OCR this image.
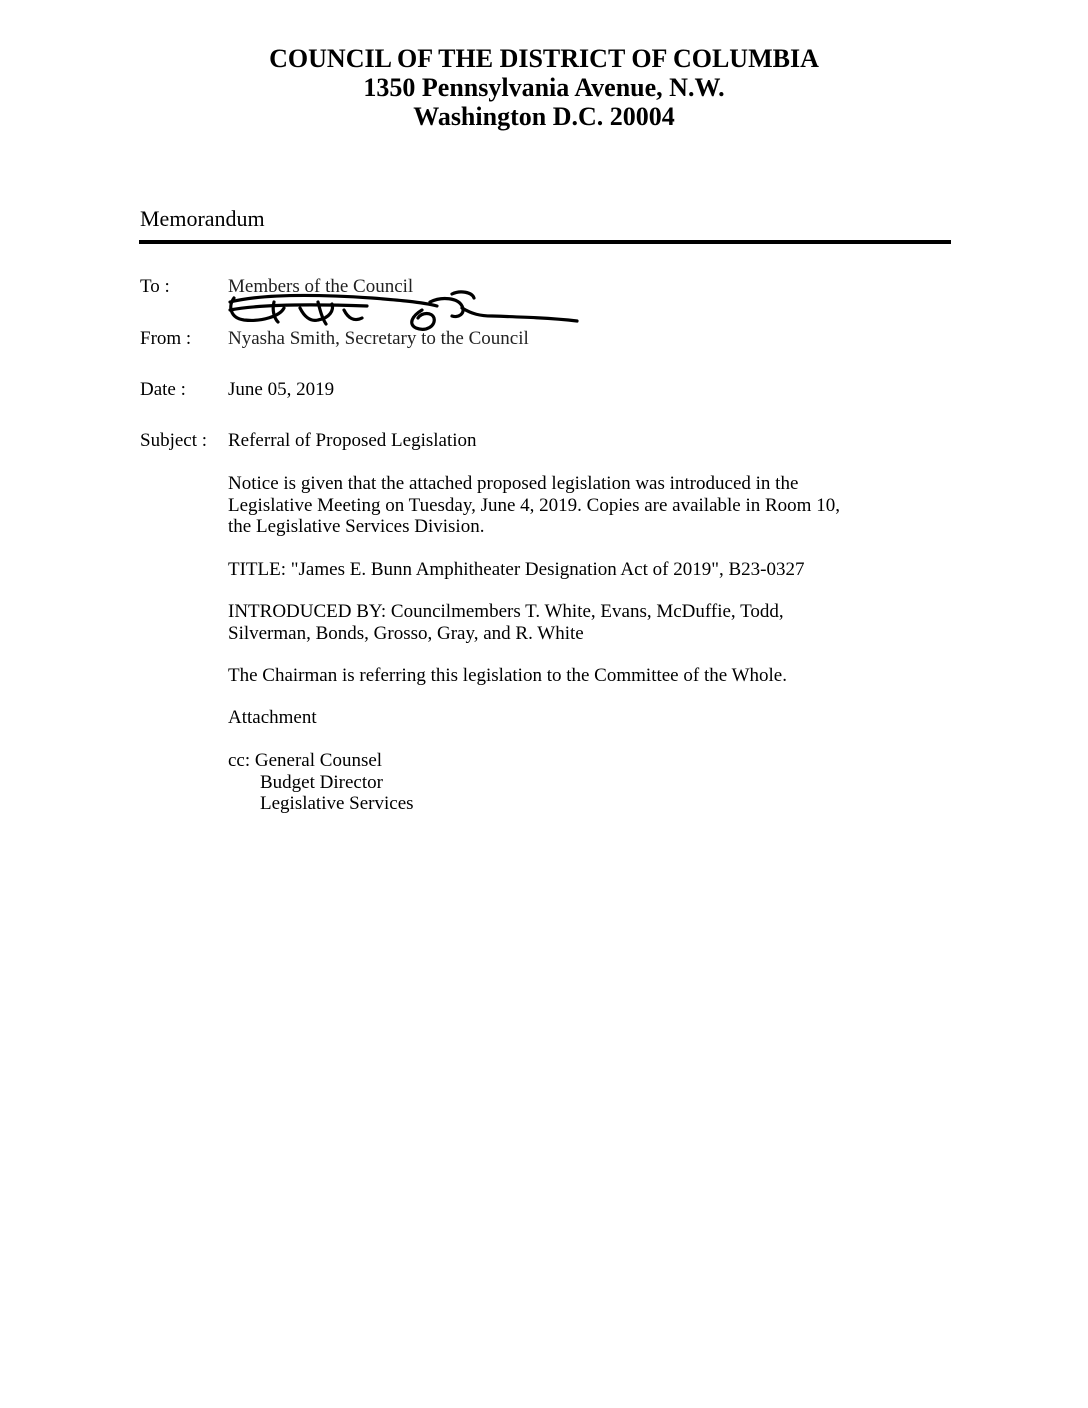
COUNCIL OF THE DISTRICT OF COLUMBIA
1350 Pennsylvania Avenue, N.W.
Washington D.C. 20004
Memorandum
To :	Members of the Council
From : Nyasha Smith, Secretary to the Council
Date : June 05, 2019
Subject : Referral of Proposed Legislation
Notice is given that the attached proposed legislation was introduced in the
Legislative Meeting on Tuesday, June 4, 2019. Copies are available in Room 10,
the Legislative Services Division.
TITLE: "James E. Bunn Amphitheater Designation Act of 2019", B23-0327
INTRODUCED BY: Councilmembers T. White, Evans, McDuffie, Todd,
Silverman, Bonds, Grosso, Gray, and R. White
The Chairman is referring this legislation to the Committee of the Whole.
Attachment
cc: General Counsel
Budget Director
Legislative Services
